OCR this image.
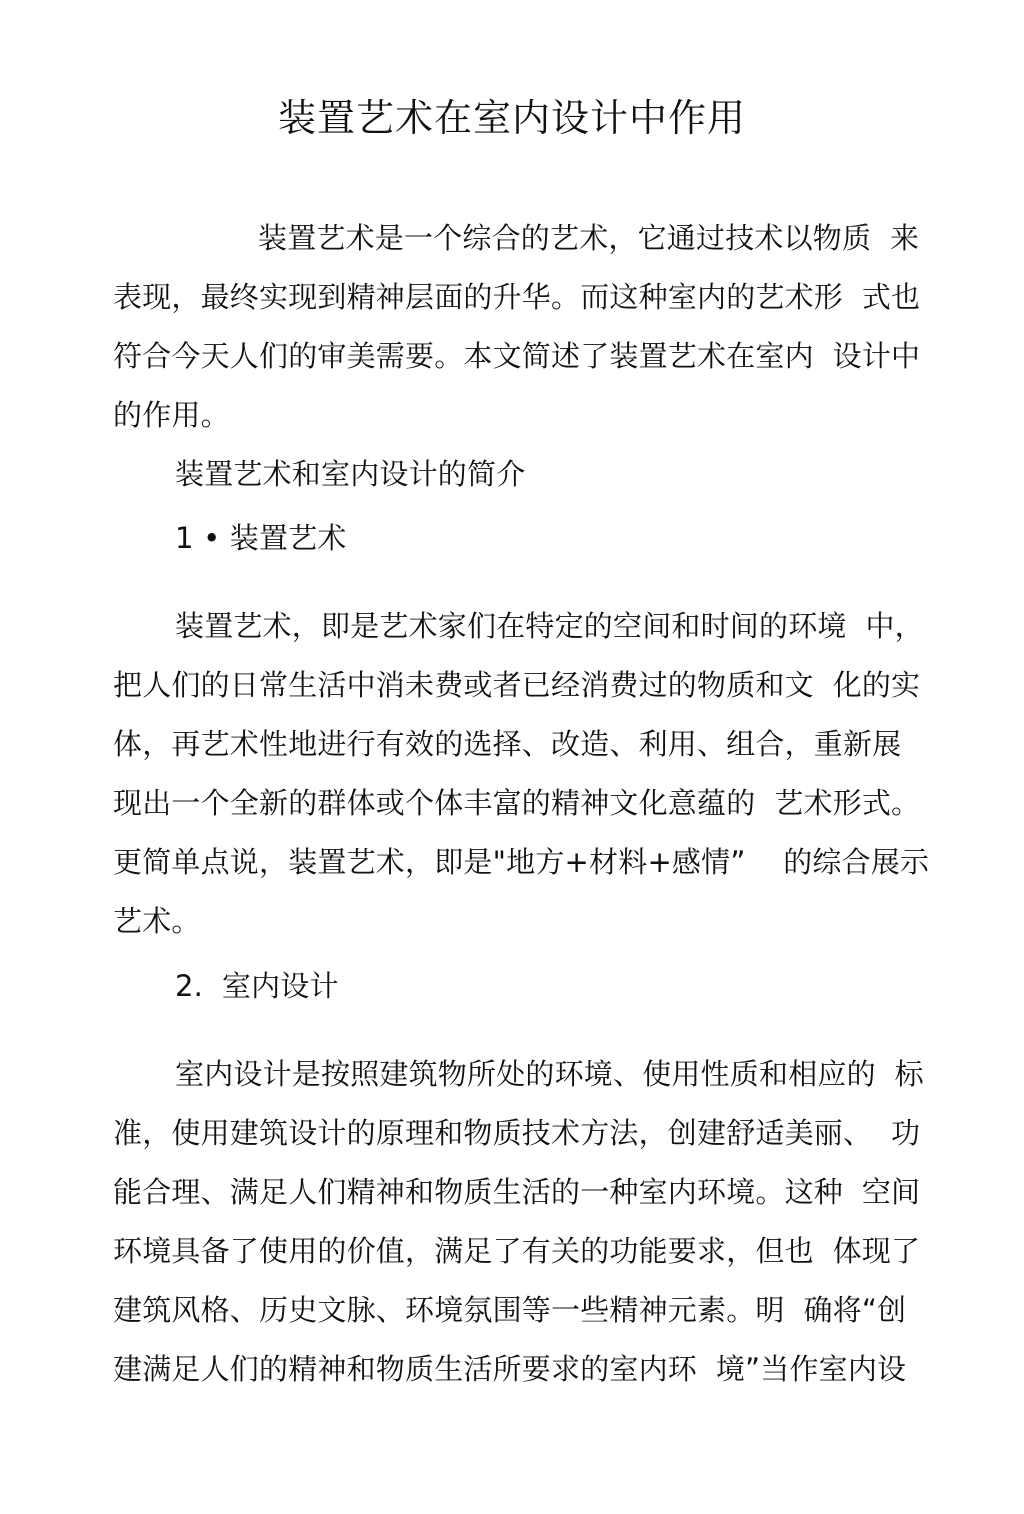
装置艺术在室内设计中作用
装置艺术是一个综合的艺术，它通过技术以物质  来
表现，最终实现到精神层面的升华。而这种室内的艺术形  式也
符合今天人们的审美需要。本文简述了装置艺术在室内  设计中
的作用。
装置艺术和室内设计的简介
1 • 装置艺术
装置艺术，即是艺术家们在特定的空间和时间的环境  中，
把人们的日常生活中消未费或者已经消费过的物质和文  化的实
体，再艺术性地进行有效的选择、改造、利用、组合，重新展
现出一个全新的群体或个体丰富的精神文化意蕴的  艺术形式。
更简单点说，装置艺术，即是"地方+材料+感情”    的综合展示
艺术。
2.  室内设计
室内设计是按照建筑物所处的环境、使用性质和相应的  标
准，使用建筑设计的原理和物质技术方法，创建舒适美丽、  功
能合理、满足人们精神和物质生活的一种室内环境。这种  空间
环境具备了使用的价值，满足了有关的功能要求，但也  体现了
建筑风格、历史文脉、环境氛围等一些精神元素。明  确将“创
建满足人们的精神和物质生活所要求的室内环  境”当作室内设
